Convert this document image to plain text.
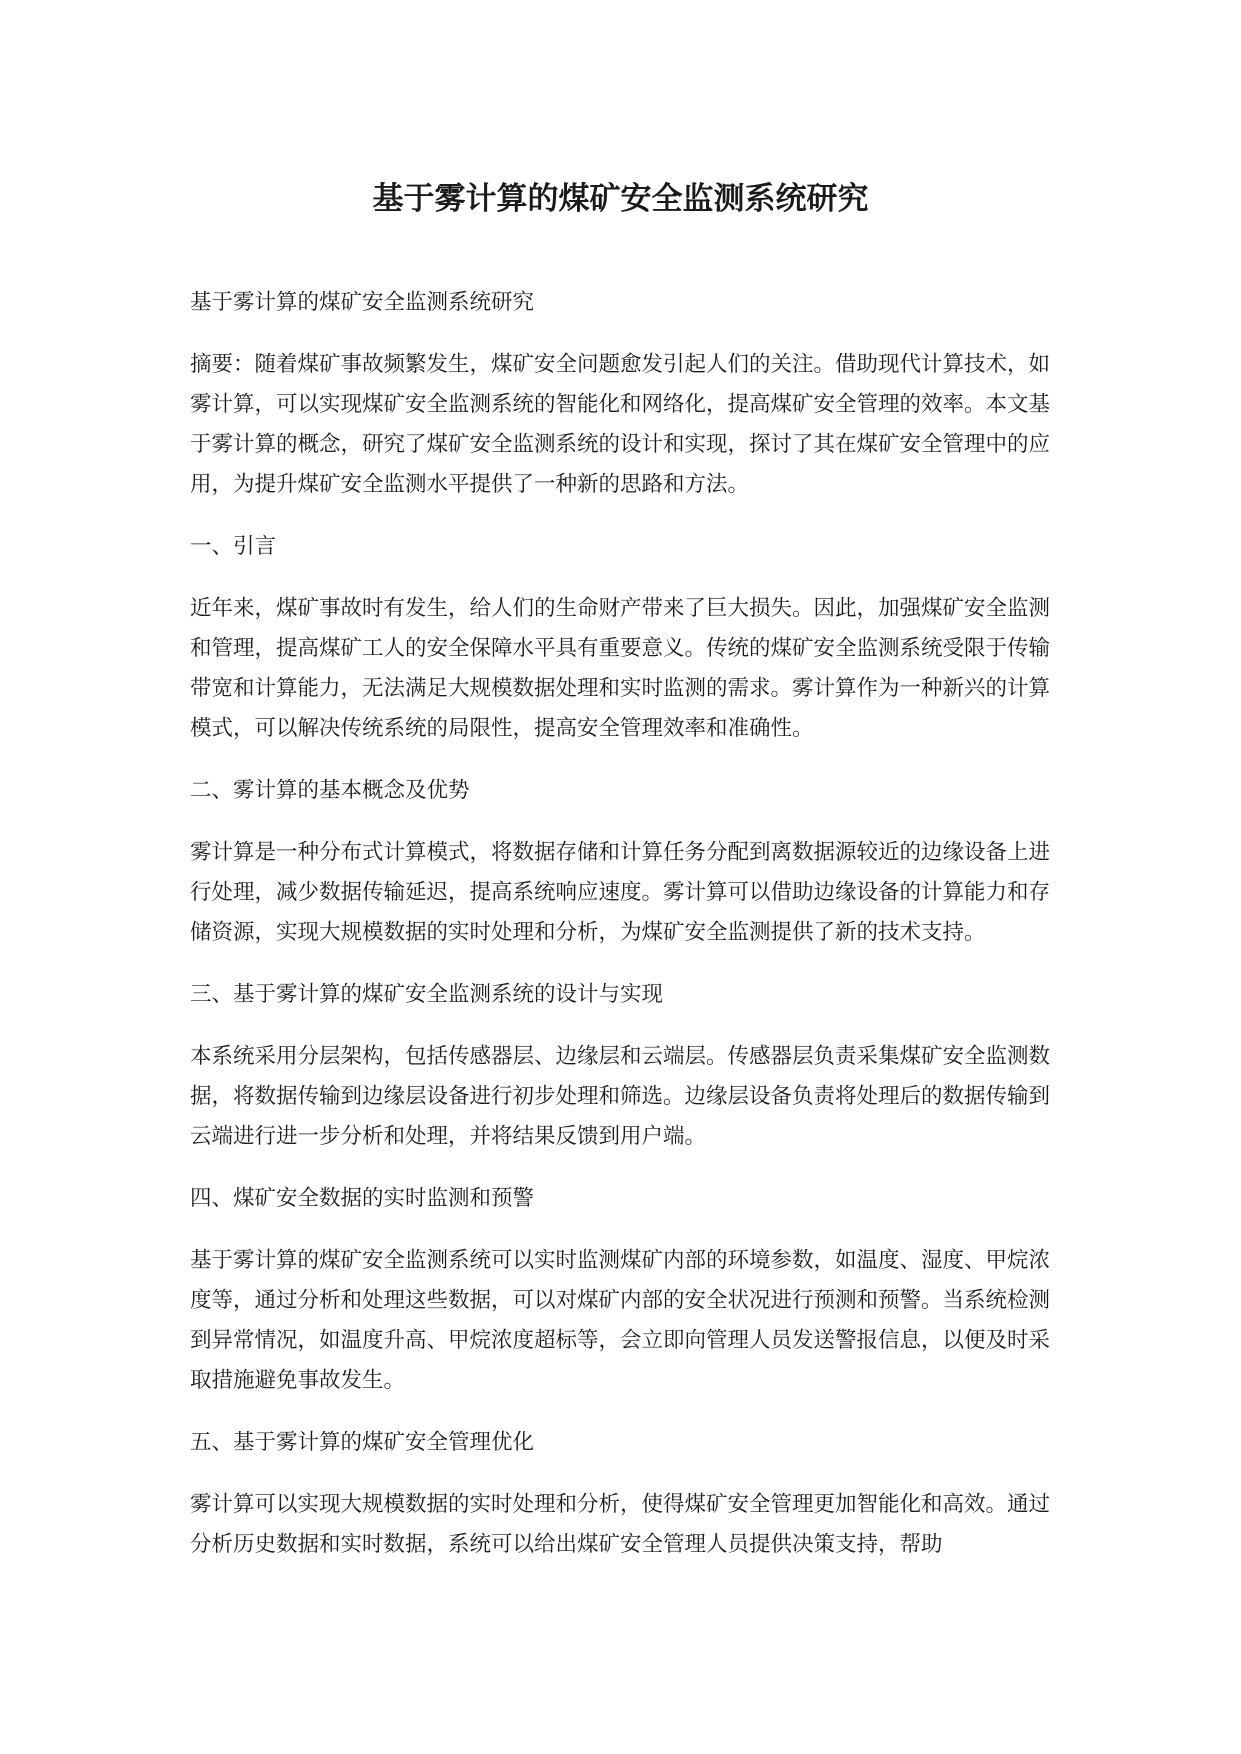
基于雾计算的煤矿安全监测系统研究

基于雾计算的煤矿安全监测系统研究

摘要：随着煤矿事故频繁发生，煤矿安全问题愈发引起人们的关注。借助现代计算技术，如雾计算，可以实现煤矿安全监测系统的智能化和网络化，提高煤矿安全管理的效率。本文基于雾计算的概念，研究了煤矿安全监测系统的设计和实现，探讨了其在煤矿安全管理中的应用，为提升煤矿安全监测水平提供了一种新的思路和方法。

一、引言

近年来，煤矿事故时有发生，给人们的生命财产带来了巨大损失。因此，加强煤矿安全监测和管理，提高煤矿工人的安全保障水平具有重要意义。传统的煤矿安全监测系统受限于传输带宽和计算能力，无法满足大规模数据处理和实时监测的需求。雾计算作为一种新兴的计算模式，可以解决传统系统的局限性，提高安全管理效率和准确性。

二、雾计算的基本概念及优势

雾计算是一种分布式计算模式，将数据存储和计算任务分配到离数据源较近的边缘设备上进行处理，减少数据传输延迟，提高系统响应速度。雾计算可以借助边缘设备的计算能力和存储资源，实现大规模数据的实时处理和分析，为煤矿安全监测提供了新的技术支持。

三、基于雾计算的煤矿安全监测系统的设计与实现

本系统采用分层架构，包括传感器层、边缘层和云端层。传感器层负责采集煤矿安全监测数据，将数据传输到边缘层设备进行初步处理和筛选。边缘层设备负责将处理后的数据传输到云端进行进一步分析和处理，并将结果反馈到用户端。

四、煤矿安全数据的实时监测和预警

基于雾计算的煤矿安全监测系统可以实时监测煤矿内部的环境参数，如温度、湿度、甲烷浓度等，通过分析和处理这些数据，可以对煤矿内部的安全状况进行预测和预警。当系统检测到异常情况，如温度升高、甲烷浓度超标等，会立即向管理人员发送警报信息，以便及时采取措施避免事故发生。

五、基于雾计算的煤矿安全管理优化

雾计算可以实现大规模数据的实时处理和分析，使得煤矿安全管理更加智能化和高效。通过分析历史数据和实时数据，系统可以给出煤矿安全管理人员提供决策支持，帮助
